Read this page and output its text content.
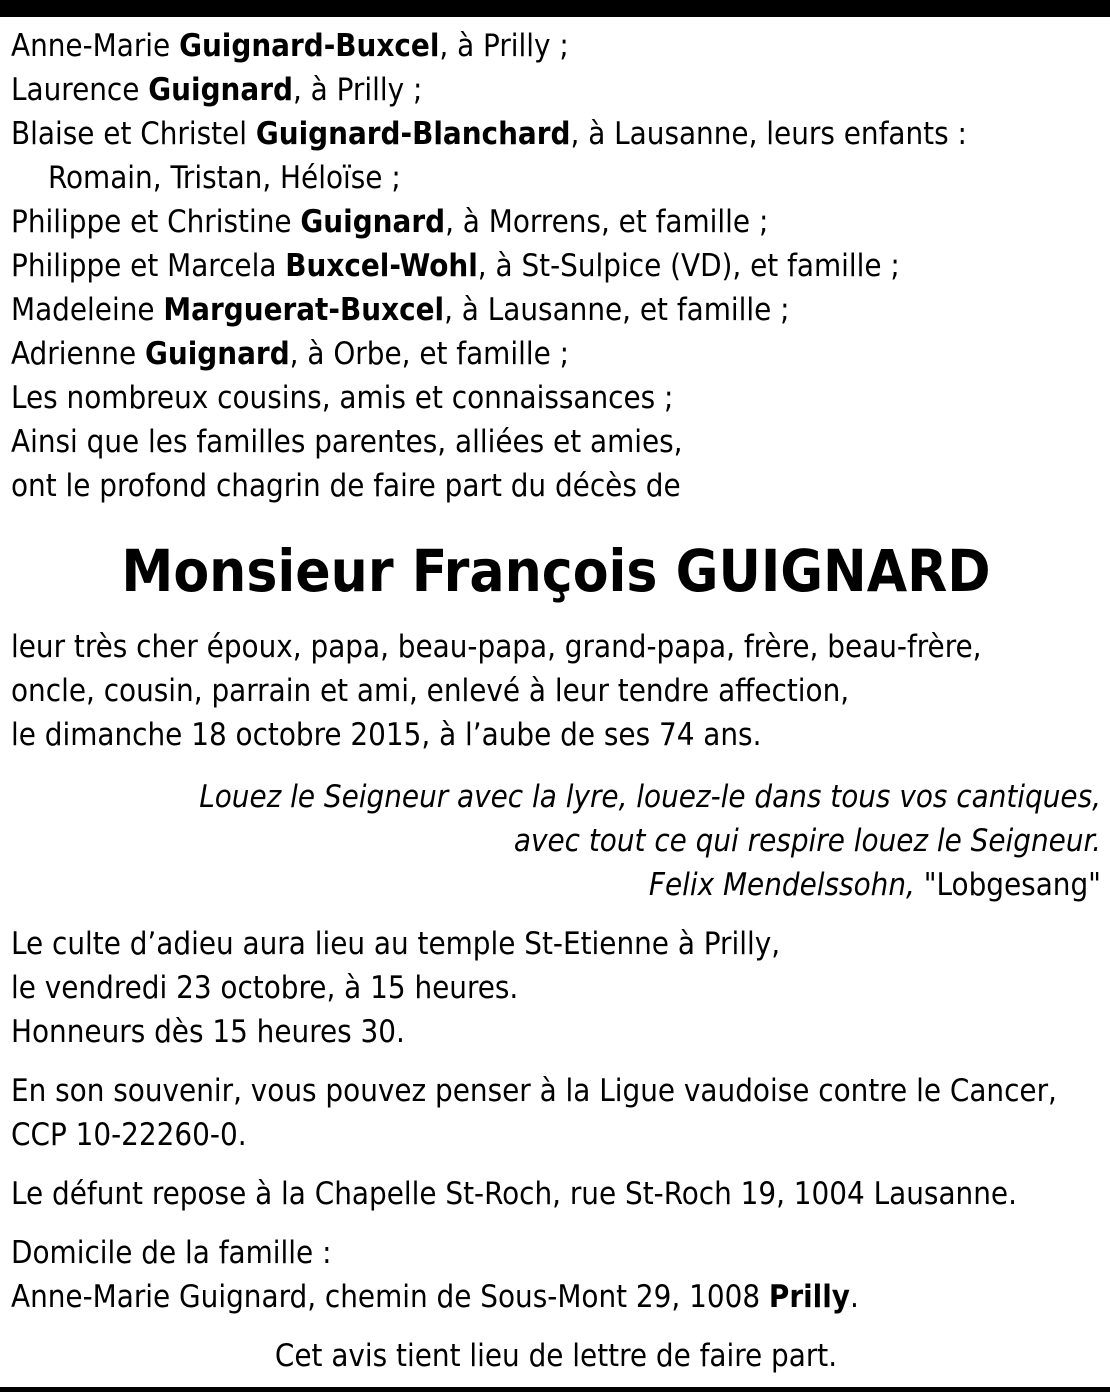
Anne-Marie Guignard-Buxcel, à Prilly ;
Laurence Guignard, à Prilly ;
Blaise et Christel Guignard-Blanchard, à Lausanne, leurs enfants :
Romain, Tristan, Héloïse ;
Philippe et Christine Guignard, à Morrens, et famille ;
Philippe et Marcela Buxcel-Wohl, à St-Sulpice (VD), et famille ;
Madeleine Marguerat-Buxcel, à Lausanne, et famille ;
Adrienne Guignard, à Orbe, et famille ;
Les nombreux cousins, amis et connaissances ;
Ainsi que les familles parentes, alliées et amies,
ont le profond chagrin de faire part du décès de
Monsieur François GUIGNARD
leur très cher époux, papa, beau-papa, grand-papa, frère, beau-frère,
oncle, cousin, parrain et ami, enlevé à leur tendre affection,
le dimanche 18 octobre 2015, à l’aube de ses 74 ans.
Louez le Seigneur avec la lyre, louez-le dans tous vos cantiques,
avec tout ce qui respire louez le Seigneur.
Felix Mendelssohn, "Lobgesang"
Le culte d’adieu aura lieu au temple St-Etienne à Prilly,
le vendredi 23 octobre, à 15 heures.
Honneurs dès 15 heures 30.
En son souvenir, vous pouvez penser à la Ligue vaudoise contre le Cancer,
CCP 10-22260-0.
Le défunt repose à la Chapelle St-Roch, rue St-Roch 19, 1004 Lausanne.
Domicile de la famille :
Anne-Marie Guignard, chemin de Sous-Mont 29, 1008 Prilly.
Cet avis tient lieu de lettre de faire part.
